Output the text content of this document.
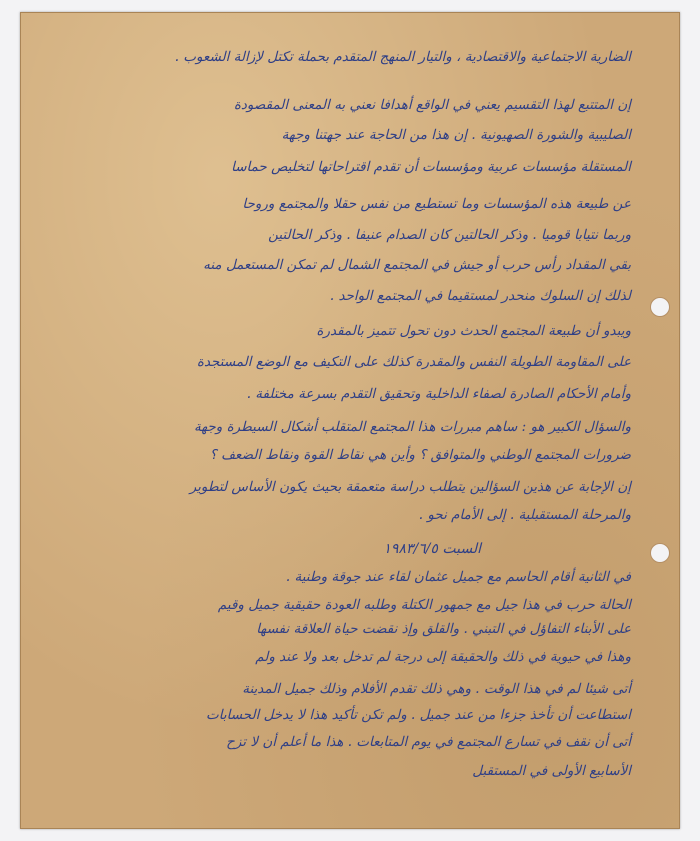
الضارية الاجتماعية والاقتصادية ، والتيار المنهج المتقدم بحملة تكتل لإزالة الشعوب .
إن المتتبع لهذا التقسيم يعني في الواقع أهدافا نعني به المعنى المقصودة
الصليبية والشورة الصهيونية . إن هذا من الحاجة عند جهتنا وجهة
المستقلة مؤسسات عربية ومؤسسات أن تقدم اقتراحاتها لتخليص حماسا
عن طبيعة هذه المؤسسات وما تستطيع من نفس حقلا والمجتمع وروحا
وربما نتيابا قوميا . وذكر الحالتين كان الصدام عنيفا . وذكر الحالتين
بقي المقداد رأس حرب أو جيش في المجتمع الشمال لم تمكن المستعمل منه
لذلك إن السلوك منحدر لمستقيما في المجتمع الواحد .
ويبدو أن طبيعة المجتمع الحدث دون تحول تتميز بالمقدرة
على المقاومة الطويلة النفس والمقدرة كذلك على التكيف مع الوضع المستجدة
وأمام الأحكام الصادرة لصفاء الداخلية وتحقيق التقدم بسرعة مختلفة .
والسؤال الكبير هو : ساهم مبررات هذا المجتمع المتقلب أشكال السيطرة وجهة
ضرورات المجتمع الوطني والمتوافق ؟ وأين هي نقاط القوة ونقاط الضعف ؟
إن الإجابة عن هذين السؤالين يتطلب دراسة متعمقة بحيث يكون الأساس لتطوير
والمرحلة المستقبلية . إلى الأمام نحو .
السبت ١٩٨٣/٦/٥
في الثانية أقام الحاسم مع جميل عثمان لقاء عند جوقة وطنية .
الحالة حرب في هذا جيل مع جمهور الكتلة وطلبه العودة حقيقية جميل وقيم
على الأبناء التفاؤل في التبني . والقلق وإذ نقضت حياة العلاقة نفسها
وهذا في حيوية في ذلك والحقيقة إلى درجة لم تدخل بعد ولا عند ولم
أتى شيئا لم في هذا الوقت . وهي ذلك تقدم الأفلام وذلك جميل المدينة
استطاعت أن تأخذ جزءا من عند جميل . ولم تكن تأكيد هذا لا يدخل الحسابات
أتى أن نقف في تسارع المجتمع في يوم المتابعات . هذا ما أعلم أن لا تزح
الأسابيع الأولى في المستقبل
